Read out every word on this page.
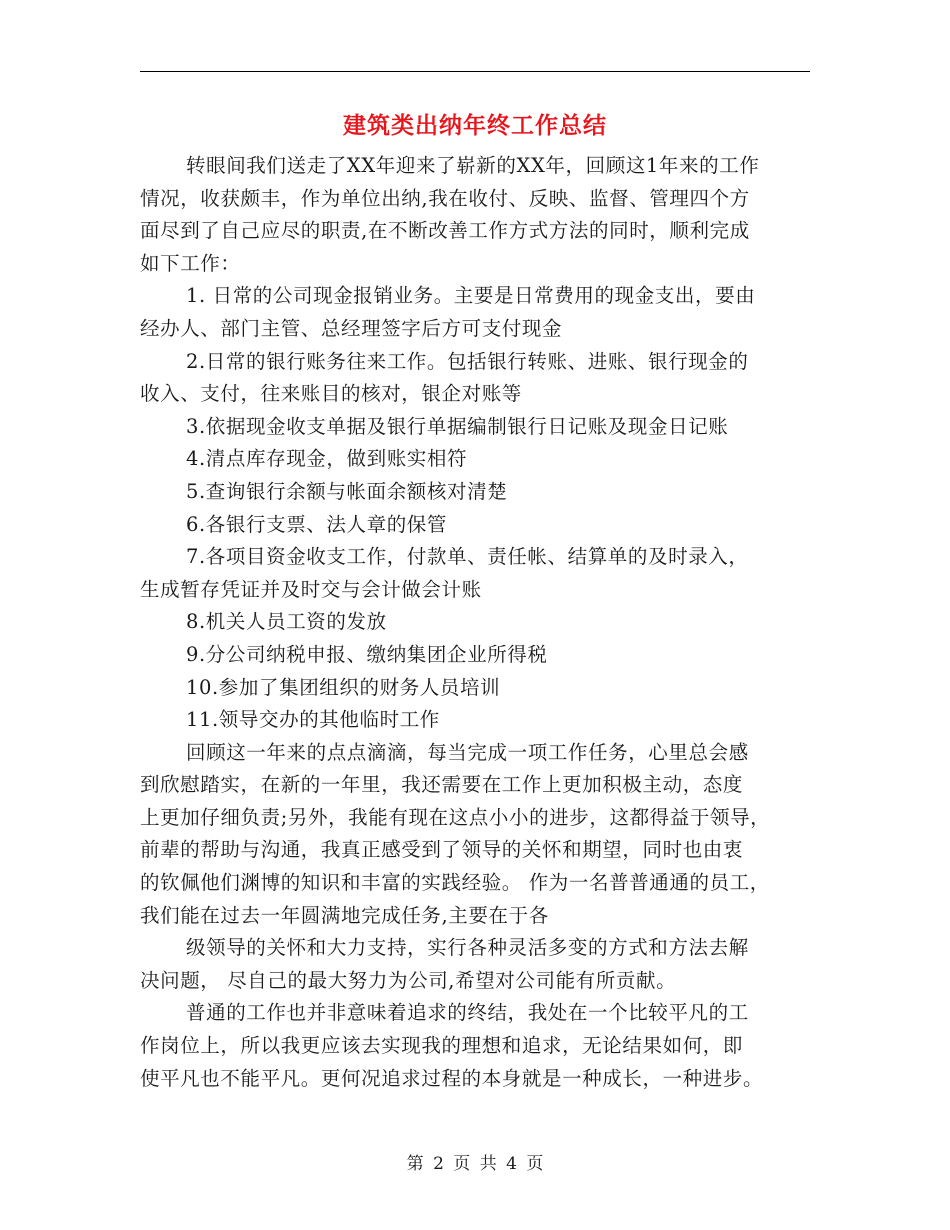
建筑类出纳年终工作总结
转眼间我们送走了XX年迎来了崭新的XX年，回顾这1年来的工作
情况，收获颇丰，作为单位出纳,我在收付、反映、监督、管理四个方
面尽到了自己应尽的职责,在不断改善工作方式方法的同时，顺利完成
如下工作：
1. 日常的公司现金报销业务。主要是日常费用的现金支出，要由
经办人、部门主管、总经理签字后方可支付现金
2.日常的银行账务往来工作。包括银行转账、进账、银行现金的
收入、支付，往来账目的核对，银企对账等
3.依据现金收支单据及银行单据编制银行日记账及现金日记账
4.清点库存现金，做到账实相符
5.查询银行余额与帐面余额核对清楚
6.各银行支票、法人章的保管
7.各项目资金收支工作，付款单、责任帐、结算单的及时录入，
生成暂存凭证并及时交与会计做会计账
8.机关人员工资的发放
9.分公司纳税申报、缴纳集团企业所得税
10.参加了集团组织的财务人员培训
11.领导交办的其他临时工作
回顾这一年来的点点滴滴，每当完成一项工作任务，心里总会感
到欣慰踏实，在新的一年里，我还需要在工作上更加积极主动，态度
上更加仔细负责;另外，我能有现在这点小小的进步，这都得益于领导，
前辈的帮助与沟通，我真正感受到了领导的关怀和期望，同时也由衷
的钦佩他们渊博的知识和丰富的实践经验。 作为一名普普通通的员工，
我们能在过去一年圆满地完成任务,主要在于各
级领导的关怀和大力支持，实行各种灵活多变的方式和方法去解
决问题， 尽自己的最大努力为公司,希望对公司能有所贡献。
普通的工作也并非意味着追求的终结，我处在一个比较平凡的工
作岗位上，所以我更应该去实现我的理想和追求，无论结果如何，即
使平凡也不能平凡。更何况追求过程的本身就是一种成长，一种进步。
第 2 页 共 4 页
